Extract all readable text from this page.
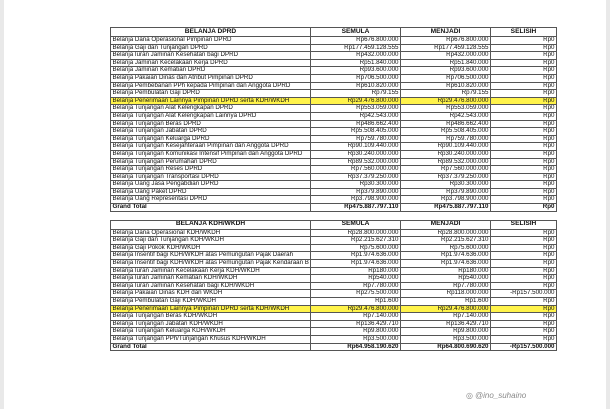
BELANJA DPRD	SEMULA	MENJADI	SELISIH
Belanja Dana Operasional Pimpinan DPRD	Rp676.800.000	Rp676.800.000	Rp0
Belanja Gaji dan Tunjangan DPRD	Rp177.459.128.555	Rp177.459.128.555	Rp0
Belanja Iuran Jaminan Kesehatan bagi DPRD	Rp432.000.000	Rp432.000.000	Rp0
Belanja Jaminan Kecelakaan Kerja DPRD	Rp51.840.000	Rp51.840.000	Rp0
Belanja Jaminan Kematian DPRD	Rp93.600.000	Rp93.600.000	Rp0
Belanja Pakaian Dinas dan Atribut Pimpinan DPRD	Rp706.500.000	Rp706.500.000	Rp0
Belanja Pembebanan PPh kepada Pimpinan dan Anggota DPRD	Rp610.820.000	Rp610.820.000	Rp0
Belanja Pembulatan Gaji DPRD	Rp79.155	Rp79.155	Rp0
Belanja Penerimaan Lainnya Pimpinan DPRD serta KDH/WKDH	Rp29.476.800.000	Rp29.476.800.000	Rp0
Belanja Tunjangan Alat Kelengkapan DPRD	Rp553.059.000	Rp553.059.000	Rp0
Belanja Tunjangan Alat Kelengkapan Lainnya DPRD	Rp42.543.000	Rp42.543.000	Rp0
Belanja Tunjangan Beras DPRD	Rp486.662.400	Rp486.662.400	Rp0
Belanja Tunjangan Jabatan DPRD	Rp5.508.405.000	Rp5.508.405.000	Rp0
Belanja Tunjangan Keluarga DPRD	Rp759.780.000	Rp759.780.000	Rp0
Belanja Tunjangan Kesejahteraan Pimpinan dan Anggota DPRD	Rp90.109.440.000	Rp90.109.440.000	Rp0
Belanja Tunjangan Komunikasi Intensif Pimpinan dan Anggota DPRD	Rp30.240.000.000	Rp30.240.000.000	Rp0
Belanja Tunjangan Perumahan DPRD	Rp89.532.000.000	Rp89.532.000.000	Rp0
Belanja Tunjangan Reses DPRD	Rp7.560.000.000	Rp7.560.000.000	Rp0
Belanja Tunjangan Transportasi DPRD	Rp37.379.250.000	Rp37.379.250.000	Rp0
Belanja Uang Jasa Pengabdian DPRD	Rp30.300.000	Rp30.300.000	Rp0
Belanja Uang Paket DPRD	Rp379.890.000	Rp379.890.000	Rp0
Belanja Uang Representasi DPRD	Rp3.798.900.000	Rp3.798.900.000	Rp0
Grand Total	Rp475.887.797.110	Rp475.887.797.110	Rp0
BELANJA KDH/WKDH	SEMULA	MENJADI	SELISIH
Belanja Dana Operasional KDH/WKDH	Rp28.800.000.000	Rp28.800.000.000	Rp0
Belanja Gaji dan Tunjangan KDH/WKDH	Rp2.215.627.310	Rp2.215.627.310	Rp0
Belanja Gaji Pokok KDH/WKDH	Rp75.600.000	Rp75.600.000	Rp0
Belanja Insentif bagi KDH/WKDH atas Pemungutan Pajak Daerah	Rp1.974.636.000	Rp1.974.636.000	Rp0
Belanja Insentif bagi KDH/WKDH atas Pemungutan Pajak Kendaraan B	Rp1.974.636.000	Rp1.974.636.000	Rp0
Belanja Iuran Jaminan Kecelakaan Kerja KDH/WKDH	Rp180.000	Rp180.000	Rp0
Belanja Iuran Jaminan Kematian KDH/WKDH	Rp540.000	Rp540.000	Rp0
Belanja Iuran Jaminan Kesehatan bagi KDH/WKDH	Rp7.780.000	Rp7.780.000	Rp0
Belanja Pakaian Dinas KDH dan WKDH	Rp275.500.000	Rp118.000.000	-Rp157.500.000
Belanja Pembulatan Gaji KDH/WKDH	Rp1.600	Rp1.600	Rp0
Belanja Penerimaan Lainnya Pimpinan DPRD serta KDH/WKDH	Rp29.476.800.000	Rp29.476.800.000	Rp0
Belanja Tunjangan Beras KDH/WKDH	Rp7.140.000	Rp7.140.000	Rp0
Belanja Tunjangan Jabatan KDH/WKDH	Rp136.429.710	Rp136.429.710	Rp0
Belanja Tunjangan Keluarga KDH/WKDH	Rp9.800.000	Rp9.800.000	Rp0
Belanja Tunjangan PPh/Tunjangan Khusus KDH/WKDH	Rp3.500.000	Rp3.500.000	Rp0
Grand Total	Rp64.958.190.620	Rp64.800.690.620	-Rp157.500.000
◎ @ino_suhaino
